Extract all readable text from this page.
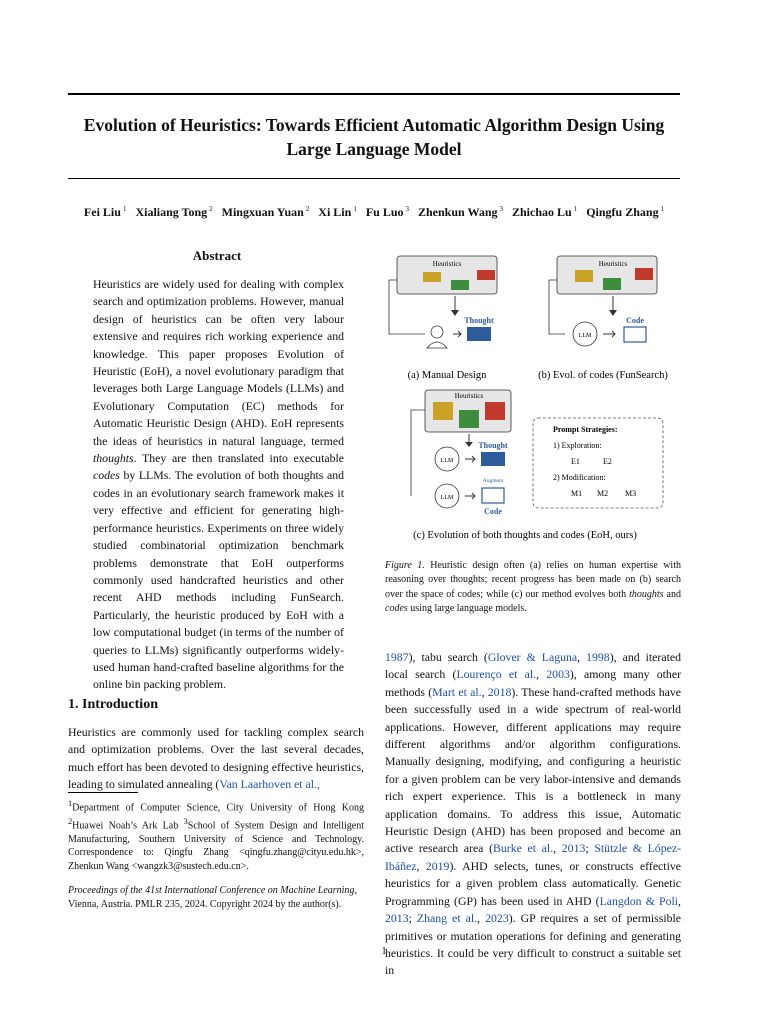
Evolution of Heuristics: Towards Efficient Automatic Algorithm Design Using
Large Language Model
Fei Liu $^1$ Xialiang Tong $^2$ Mingxuan Yuan $^2$ Xi Lin $^1$ Fu Luo $^3$ Zhenkun Wang $^3$ Zhichao Lu $^1$ Qingfu Zhang $^1$
Abstract
Heuristics are widely used for dealing with complex search and optimization problems. However, manual design of heuristics can be often very labour extensive and requires rich working experience and knowledge. This paper proposes Evolution of Heuristic (EoH), a novel evolutionary paradigm that leverages both Large Language Models (LLMs) and Evolutionary Computation (EC) methods for Automatic Heuristic Design (AHD). EoH represents the ideas of heuristics in natural language, termed thoughts. They are then translated into executable codes by LLMs. The evolution of both thoughts and codes in an evolutionary search framework makes it very effective and efficient for generating high-performance heuristics. Experiments on three widely studied combinatorial optimization benchmark problems demonstrate that EoH outperforms commonly used handcrafted heuristics and other recent AHD methods including FunSearch. Particularly, the heuristic produced by EoH with a low computational budget (in terms of the number of queries to LLMs) significantly outperforms widely-used human hand-crafted baseline algorithms for the online bin packing problem.
1. Introduction
Heuristics are commonly used for tackling complex search and optimization problems. Over the last several decades, much effort has been devoted to designing effective heuristics, leading to simulated annealing (Van Laarhoven et al.,
$^1$Department of Computer Science, City University of Hong Kong $^2$Huawei Noah’s Ark Lab $^3$School of System Design and Intelligent Manufacturing, Southern University of Science and Technology. Correspondence to: Qingfu Zhang <qingfu.zhang@cityu.edu.hk>, Zhenkun Wang <wangzk3@sustech.edu.cn>.
Proceedings of the 41st International Conference on Machine Learning, Vienna, Austria. PMLR 235, 2024. Copyright 2024 by the author(s).
Heuristics
Thought
(a) Manual Design
Heuristics
Code
LLM
(b) Evol. of codes (FunSearch)
Heuristics
Thought
LLM
Augment
LLM
Code
Prompt Strategies:
1) Exploration:
E1	E2
2) Modification:
M1 M2 M3
(c) Evolution of both thoughts and codes (EoH, ours)
Figure 1. Heuristic design often (a) relies on human expertise with reasoning over thoughts; recent progress has been made on (b) search over the space of codes; while (c) our method evolves both thoughts and codes using large language models.
1987), tabu search (Glover & Laguna, 1998), and iterated local search (Lourenço et al., 2003), among many other methods (Mart et al., 2018). These hand-crafted methods have been successfully used in a wide spectrum of real-world applications. However, different applications may require different algorithms and/or algorithm configurations. Manually designing, modifying, and configuring a heuristic for a given problem can be very labor-intensive and demands rich expert experience. This is a bottleneck in many application domains. To address this issue, Automatic Heuristic Design (AHD) has been proposed and become an active research area (Burke et al., 2013; Stützle & López-Ibáñez, 2019). AHD selects, tunes, or constructs effective heuristics for a given problem class automatically. Genetic Programming (GP) has been used in AHD (Langdon & Poli, 2013; Zhang et al., 2023). GP requires a set of permissible primitives or mutation operations for defining and generating heuristics. It could be very difficult to construct a suitable set in
1
